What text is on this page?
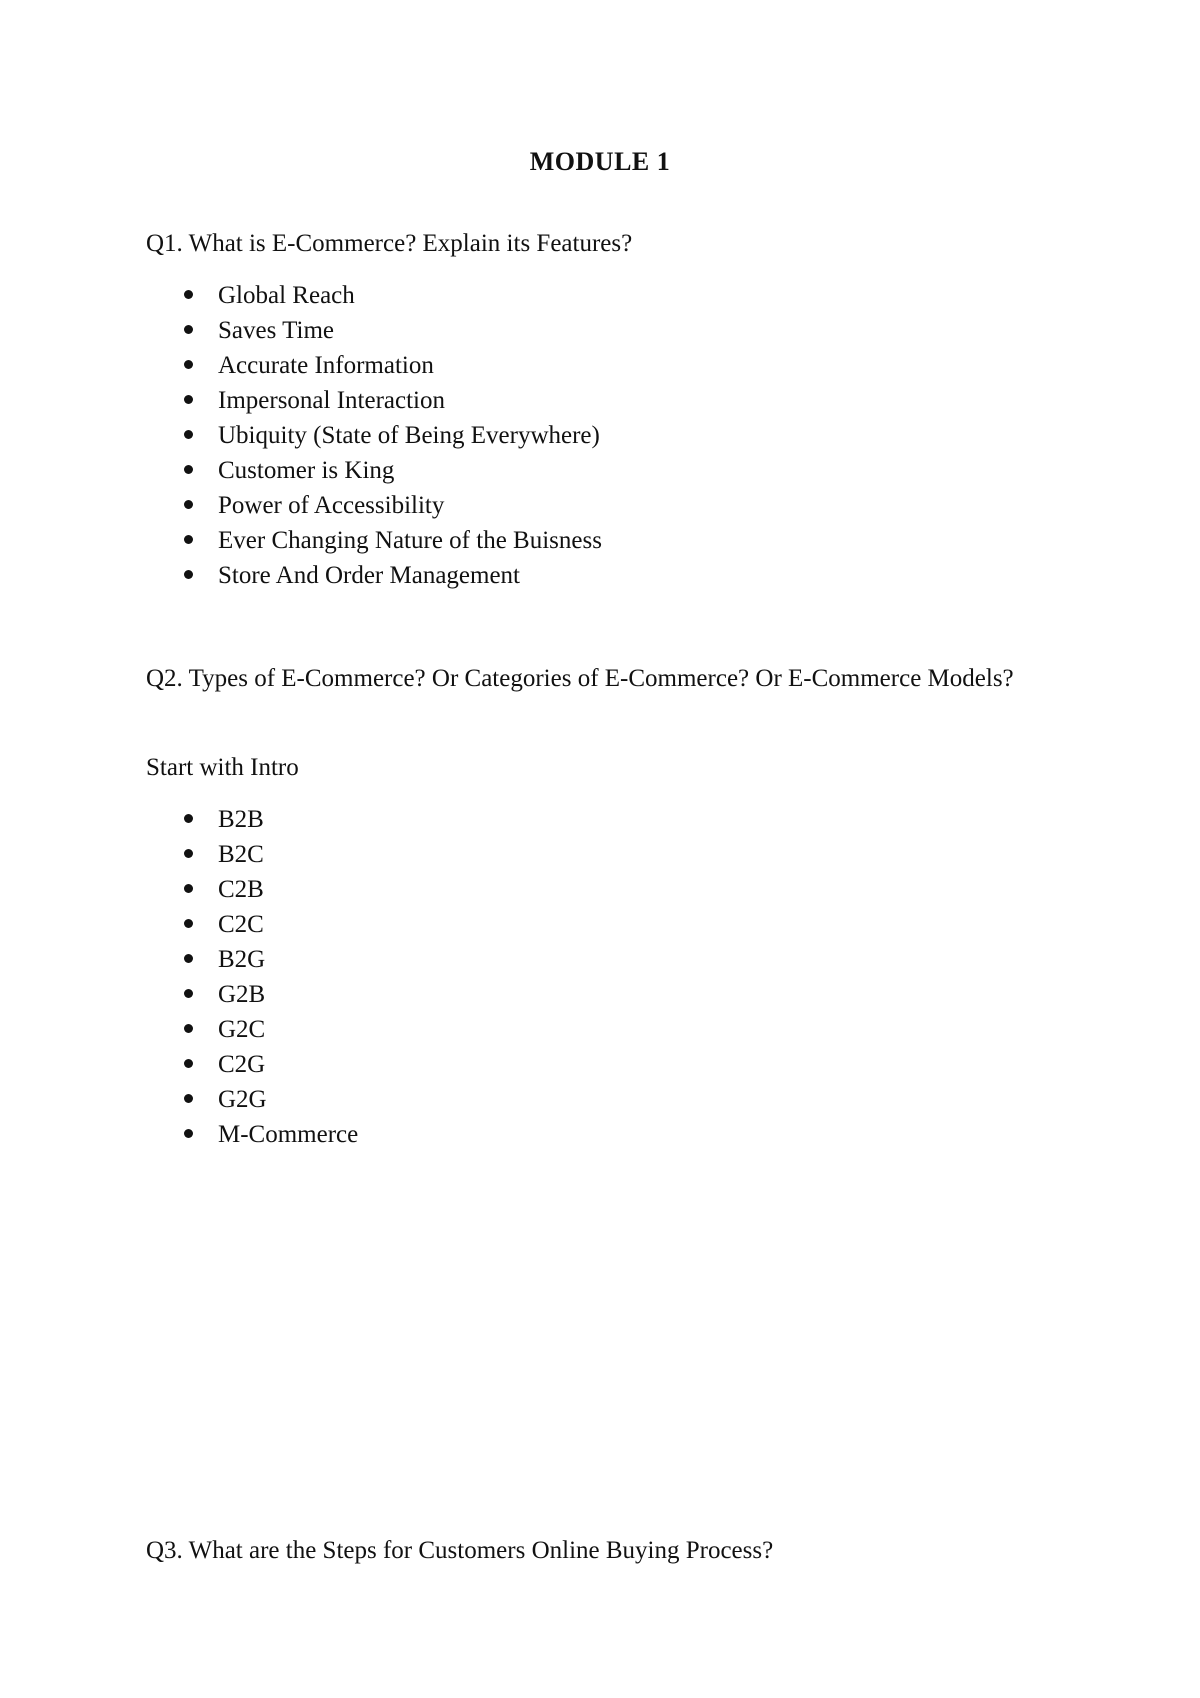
MODULE 1

Q1. What is E-Commerce? Explain its Features?

Global Reach
Saves Time
Accurate Information
Impersonal Interaction
Ubiquity (State of Being Everywhere)
Customer is King
Power of Accessibility
Ever Changing Nature of the Buisness
Store And Order Management

Q2. Types of E-Commerce? Or Categories of E-Commerce? Or E-Commerce Models?

Start with Intro

B2B
B2C
C2B
C2C
B2G
G2B
G2C
C2G
G2G
M-Commerce

Q3. What are the Steps for Customers Online Buying Process?
